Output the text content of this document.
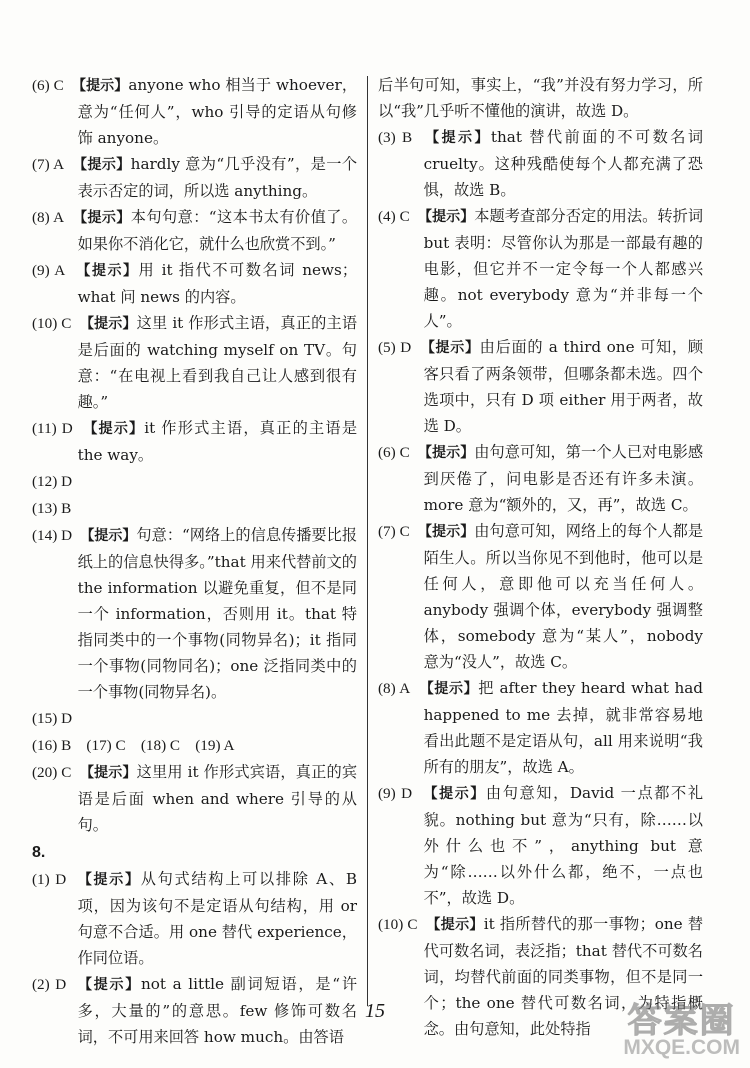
(6) C　 【提示】anyone who 相当于 whoever，意为“任何人”，who 引导的定语从句修饰 anyone。
(7) A　 【提示】hardly 意为“几乎没有”，是一个表示否定的词，所以选 anything。
(8) A　 【提示】本句句意：“这本书太有价值了。如果你不消化它，就什么也欣赏不到。”
(9) A　 【提示】用 it 指代不可数名词 news；what 问 news 的内容。
(10) C　 【提示】这里 it 作形式主语，真正的主语是后面的 watching myself on TV。句意：“在电视上看到我自己让人感到很有趣。”
(11) D　 【提示】it 作形式主语，真正的主语是 the way。
(12) D
(13) B
(14) D　 【提示】句意：“网络上的信息传播要比报纸上的信息快得多。”that 用来代替前文的 the information 以避免重复，但不是同一个 information，否则用 it。that 特指同类中的一个事物(同物异名)；it 指同一个事物(同物同名)；one 泛指同类中的一个事物(同物异名)。
(15) D
(16) B　(17) C　(18) C　(19) A
(20) C　 【提示】这里用 it 作形式宾语，真正的宾语是后面 when and where 引导的从句。
8.
(1) D　 【提示】从句式结构上可以排除 A、B 项，因为该句不是定语从句结构，用 or 句意不合适。用 one 替代 experience，作同位语。
(2) D　 【提示】not a little 副词短语，是“许多，大量的”的意思。few 修饰可数名词，不可用来回答 how much。由答语
后半句可知，事实上，“我”并没有努力学习，所以“我”几乎听不懂他的演讲，故选 D。
(3) B　 【提示】that 替代前面的不可数名词 cruelty。这种残酷使每个人都充满了恐惧，故选 B。
(4) C　 【提示】本题考查部分否定的用法。转折词 but 表明：尽管你认为那是一部最有趣的电影，但它并不一定令每一个人都感兴趣。not everybody 意为“并非每一个人”。
(5) D　 【提示】由后面的 a third one 可知，顾客只看了两条领带，但哪条都未选。四个选项中，只有 D 项 either 用于两者，故选 D。
(6) C　 【提示】由句意可知，第一个人已对电影感到厌倦了，问电影是否还有许多未演。more 意为“额外的，又，再”，故选 C。
(7) C　 【提示】由句意可知，网络上的每个人都是陌生人。所以当你见不到他时，他可以是任何人，意即他可以充当任何人。anybody 强调个体，everybody 强调整体，somebody 意为“某人”，nobody 意为“没人”，故选 C。
(8) A　 【提示】把 after they heard what had happened to me 去掉，就非常容易地看出此题不是定语从句，all 用来说明“我所有的朋友”，故选 A。
(9) D　 【提示】由句意知，David 一点都不礼貌。nothing but 意为“只有，除……以外什么也不”，anything but 意为“除……以外什么都，绝不，一点也不”，故选 D。
(10) C　 【提示】it 指所替代的那一事物；one 替代可数名词，表泛指；that 替代不可数名词，均替代前面的同类事物，但不是同一个；the one 替代可数名词，为特指概念。由句意知，此处特指
15	答案圈
MXQE.COM
